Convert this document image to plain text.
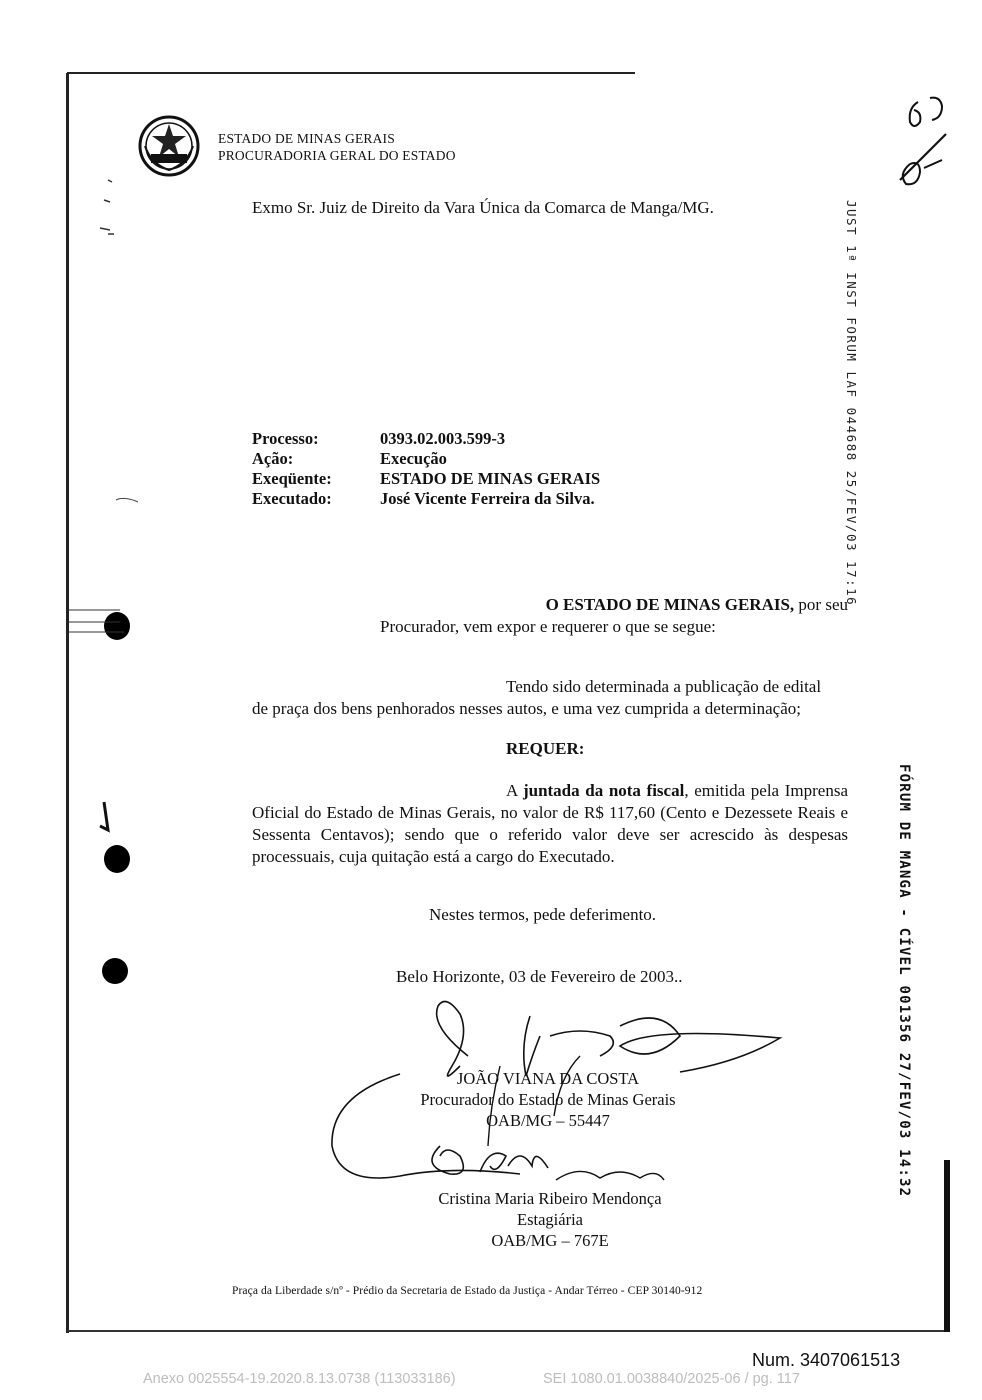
ESTADO DE MINAS GERAIS
PROCURADORIA GERAL DO ESTADO
JUST 1ª INST FORUM LAF 044688 25/FEV/03 17:16
FÓRUM DE MANGA - CÍVEL 001356 27/FEV/03 14:32
Exmo Sr. Juiz de Direito da Vara Única da Comarca de Manga/MG.
Processo:	0393.02.003.599-3
Ação:	Execução
Exeqüente:	ESTADO DE MINAS GERAIS
Executado:	José Vicente Ferreira da Silva.
O ESTADO DE MINAS GERAIS, por seu
Procurador, vem expor e requerer o que se segue:
Tendo sido determinada a publicação de edital
de praça dos bens penhorados nesses autos, e uma vez cumprida a determinação;
REQUER:
A juntada da nota fiscal, emitida pela Imprensa Oficial do Estado de Minas Gerais, no valor de R$ 117,60 (Cento e Dezessete Reais e Sessenta Centavos); sendo que o referido valor deve ser acrescido às despesas processuais, cuja quitação está a cargo do Executado.
Nestes termos, pede deferimento.
Belo Horizonte, 03 de Fevereiro de 2003..
JOÃO VIANA DA COSTA
Procurador do Estado de Minas Gerais
OAB/MG – 55447
Cristina Maria Ribeiro Mendonça
Estagiária
OAB/MG – 767E
Praça da Liberdade s/nº - Prédio da Secretaria de Estado da Justiça - Andar Térreo - CEP 30140-912
Num. 3407061513
Anexo 0025554-19.2020.8.13.0738 (113033186)	SEI 1080.01.0038840/2025-06 / pg. 117
